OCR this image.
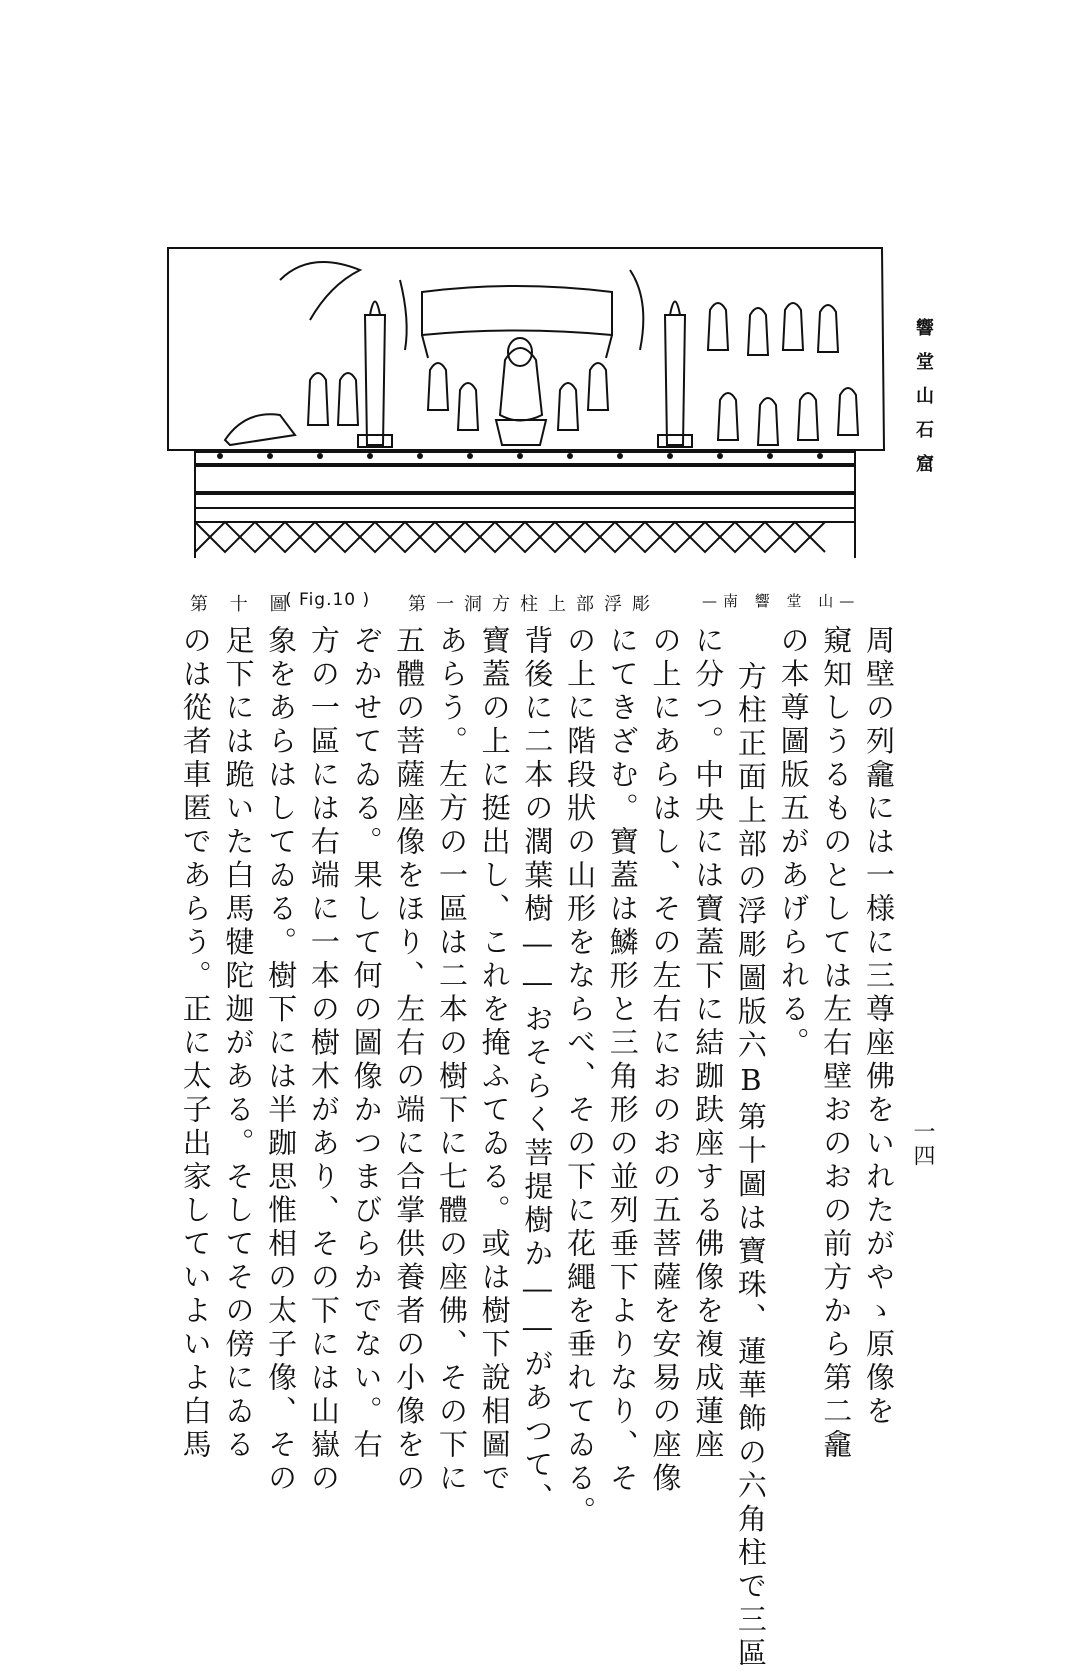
響堂山石窟
一四
第 十 圖
( Fig.10 ) 第一洞方柱上部浮彫	—南 響 堂 山—

周壁の列龕には一様に三尊座佛をいれたがやゝ原像を

窺知しうるものとしては左右壁おのおの前方から第二龕

の本尊圖版五があげられる。

方柱正面上部の浮彫圖版六B第十圖は寶珠、蓮華飾の六角柱で三區

に分つ。中央には寶蓋下に結跏趺座する佛像を複成蓮座

の上にあらはし、その左右におのおの五菩薩を安易の座像

にてきざむ。寶蓋は鱗形と三角形の並列垂下よりなり、そ

の上に階段狀の山形をならべ、その下に花繩を垂れてゐる。

背後に二本の濶葉樹――おそらく菩提樹か――があつて、

寶蓋の上に挺出し、これを掩ふてゐる。或は樹下說相圖で

あらう。左方の一區は二本の樹下に七體の座佛、その下に

五體の菩薩座像をほり、左右の端に合掌供養者の小像をの

ぞかせてゐる。果して何の圖像かつまびらかでない。右

方の一區には右端に一本の樹木があり、その下には山嶽の

象をあらはしてゐる。樹下には半跏思惟相の太子像、その

足下には跪いた白馬犍陀迦がある。そしてその傍にゐる

のは從者車匿であらう。正に太子出家していよいよ白馬
